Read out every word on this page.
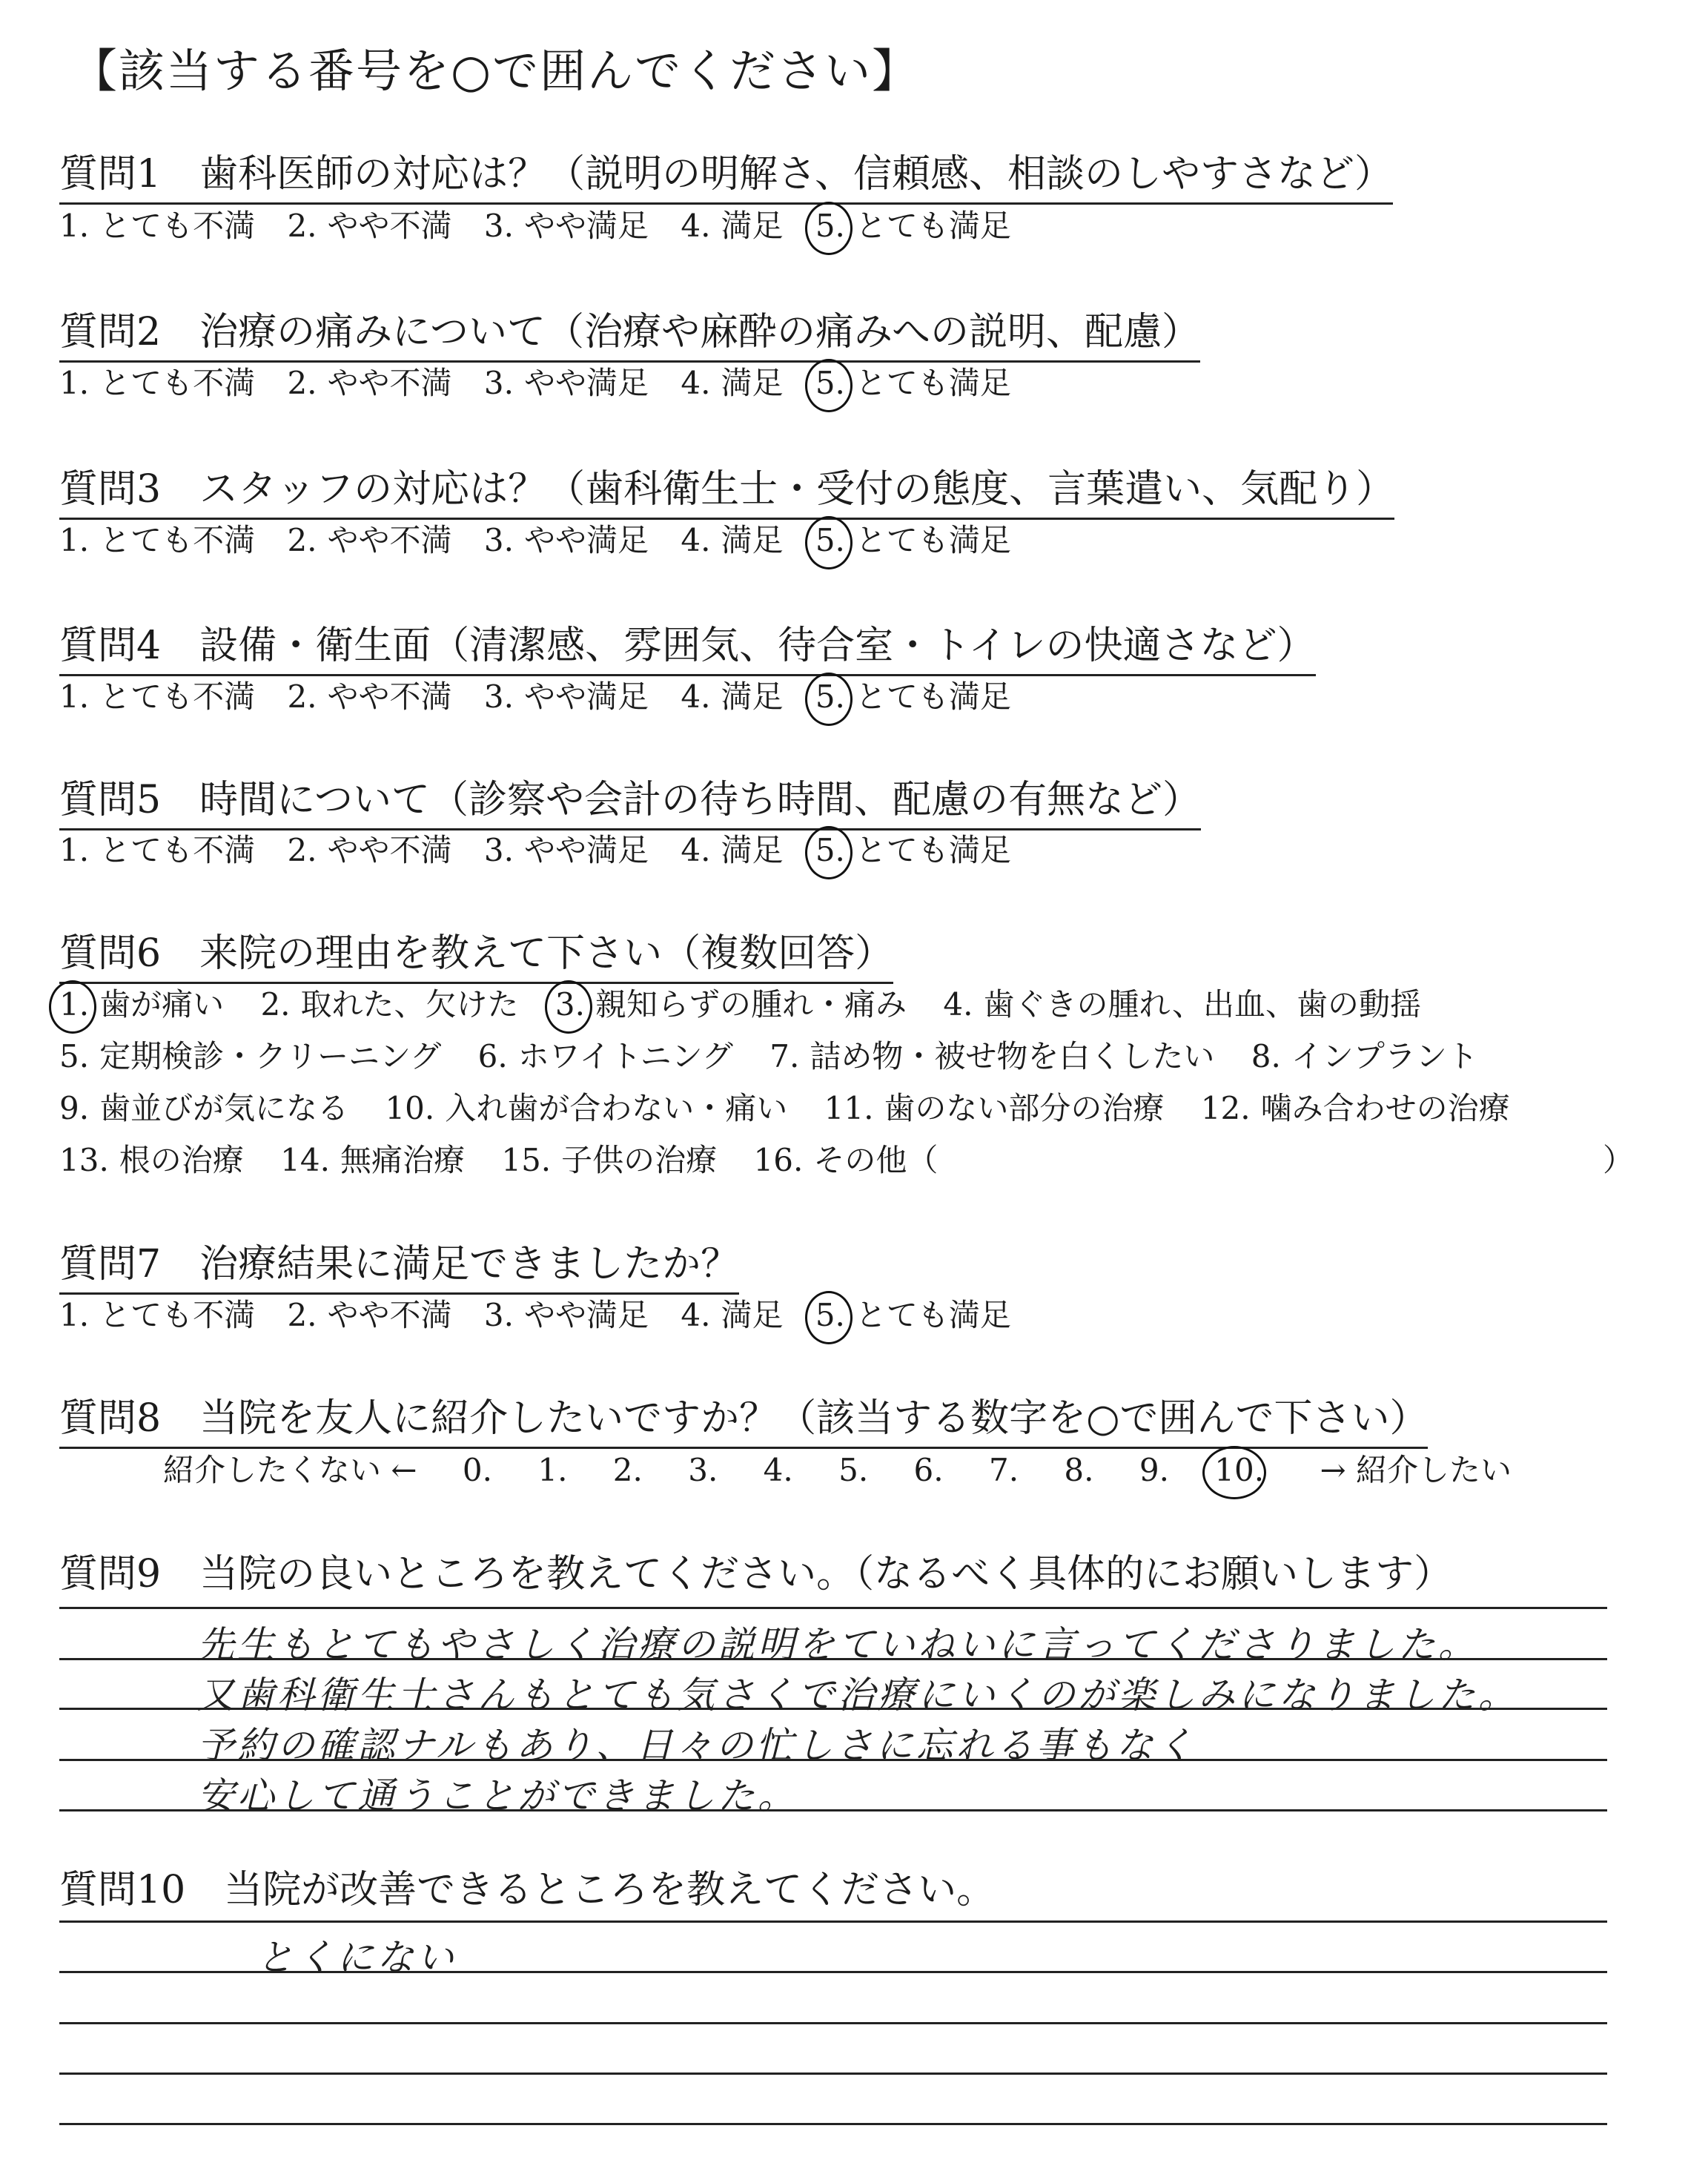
【該当する番号を○で囲んでください】
質問1　歯科医師の対応は？（説明の明解さ、信頼感、相談のしやすさなど）
1. とても不満 2. やや不満 3. やや満足 4. 満足 5. とても満足
質問2　治療の痛みについて（治療や麻酔の痛みへの説明、配慮）
1. とても不満 2. やや不満 3. やや満足 4. 満足 5. とても満足
質問3　スタッフの対応は？（歯科衛生士・受付の態度、言葉遣い、気配り）
1. とても不満 2. やや不満 3. やや満足 4. 満足 5. とても満足
質問4　設備・衛生面（清潔感、雰囲気、待合室・トイレの快適さなど）
1. とても不満 2. やや不満 3. やや満足 4. 満足 5. とても満足
質問5　時間について（診察や会計の待ち時間、配慮の有無など）
1. とても不満 2. やや不満 3. やや満足 4. 満足 5. とても満足
質問6　来院の理由を教えて下さい（複数回答）
1. 歯が痛い 2. 取れた、欠けた 3. 親知らずの腫れ・痛み 4. 歯ぐきの腫れ、出血、歯の動揺
5. 定期検診・クリーニング 6. ホワイトニング 7. 詰め物・被せ物を白くしたい 8. インプラント
9. 歯並びが気になる 10. 入れ歯が合わない・痛い 11. 歯のない部分の治療 12. 噛み合わせの治療
13. 根の治療 14. 無痛治療 15. 子供の治療 16. その他（	）
質問7　治療結果に満足できましたか？
1. とても不満 2. やや不満 3. やや満足 4. 満足 5. とても満足
質問8　当院を友人に紹介したいですか？（該当する数字を○で囲んで下さい）
紹介したくない ← 0. 1. 2. 3. 4. 5. 6. 7. 8. 9. 10. → 紹介したい
質問9　当院の良いところを教えてください。（なるべく具体的にお願いします）
先生もとてもやさしく治療の説明をていねいに言ってくださりました。
又歯科衛生士さんもとても気さくで治療にいくのが楽しみになりました。
予約の確認ナルもあり、日々の忙しさに忘れる事もなく
安心して通うことができました。
質問10　当院が改善できるところを教えてください。
とくにない
